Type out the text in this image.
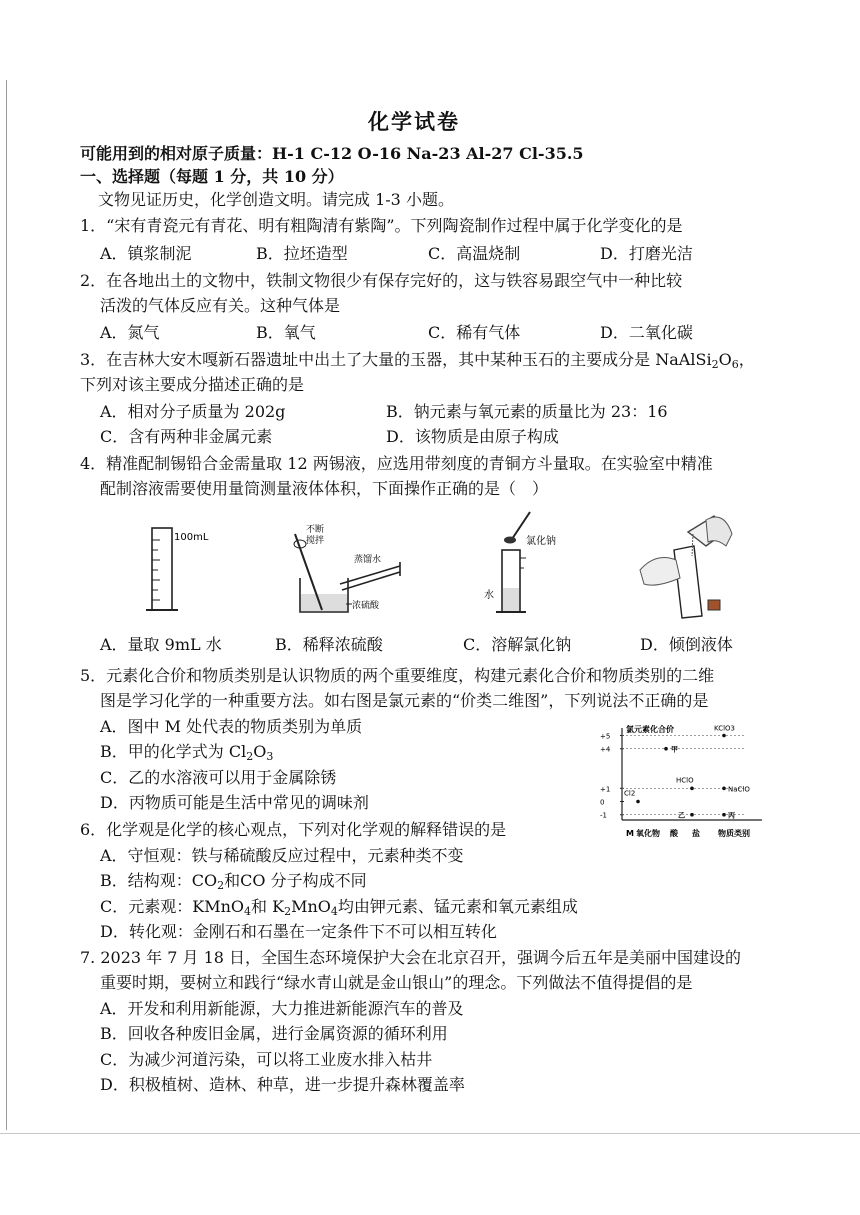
化学试卷
可能用到的相对原子质量：H-1 C-12 O-16 Na-23 Al-27 Cl-35.5
一、选择题（每题 1 分，共 10 分）
文物见证历史，化学创造文明。请完成 1-3 小题。
1．“宋有青瓷元有青花、明有粗陶清有紫陶”。下列陶瓷制作过程中属于化学变化的是
A．镇浆制泥	B．拉坯造型	C．高温烧制	D．打磨光洁
2．在各地出土的文物中，铁制文物很少有保存完好的，这与铁容易跟空气中一种比较
活泼的气体反应有关。这种气体是
A．氮气	B．氧气	C．稀有气体	D．二氧化碳
3．在吉林大安木嘎新石器遗址中出土了大量的玉器，其中某种玉石的主要成分是 $NaAlSi_2O_6$，
下列对该主要成分描述正确的是
A．相对分子质量为 202g	B．钠元素与氧元素的质量比为 23：16
C．含有两种非金属元素	D．该物质是由原子构成
4．精准配制锡铅合金需量取 12 两锡液，应选用带刻度的青铜方斗量取。在实验室中精准
配制溶液需要使用量筒测量液体体积，下面操作正确的是（　）
100mL
不断
搅拌
蒸馏水
浓硫酸
氯化钠
水
A．量取 9mL 水	B．稀释浓硫酸	C．溶解氯化钠	D．倾倒液体
5．元素化合价和物质类别是认识物质的两个重要维度，构建元素化合价和物质类别的二维
图是学习化学的一种重要方法。如右图是氯元素的“价类二维图”，下列说法不正确的是
A．图中 M 处代表的物质类别为单质
B．甲的化学式为 $Cl_2O_3$
C．乙的水溶液可以用于金属除锈
D．丙物质可能是生活中常见的调味剂
氯元素化合价
+5
+4
+1
0
-1
M 氧化物 酸 盐 物质类别
KClO3
甲
HClO
NaClO
Cl2
乙	丙
6．化学观是化学的核心观点，下列对化学观的解释错误的是
A．守恒观：铁与稀硫酸反应过程中，元素种类不变
B．结构观：$CO_2$和CO 分子构成不同
C．元素观：KMnO$_4$和 $K_2MnO_4$均由钾元素、锰元素和氧元素组成
D．转化观：金刚石和石墨在一定条件下不可以相互转化
7. 2023 年 7 月 18 日，全国生态环境保护大会在北京召开，强调今后五年是美丽中国建设的
重要时期，要树立和践行“绿水青山就是金山银山”的理念。下列做法不值得提倡的是
A．开发和利用新能源，大力推进新能源汽车的普及
B．回收各种废旧金属，进行金属资源的循环利用
C．为减少河道污染，可以将工业废水排入枯井
D．积极植树、造林、种草，进一步提升森林覆盖率
